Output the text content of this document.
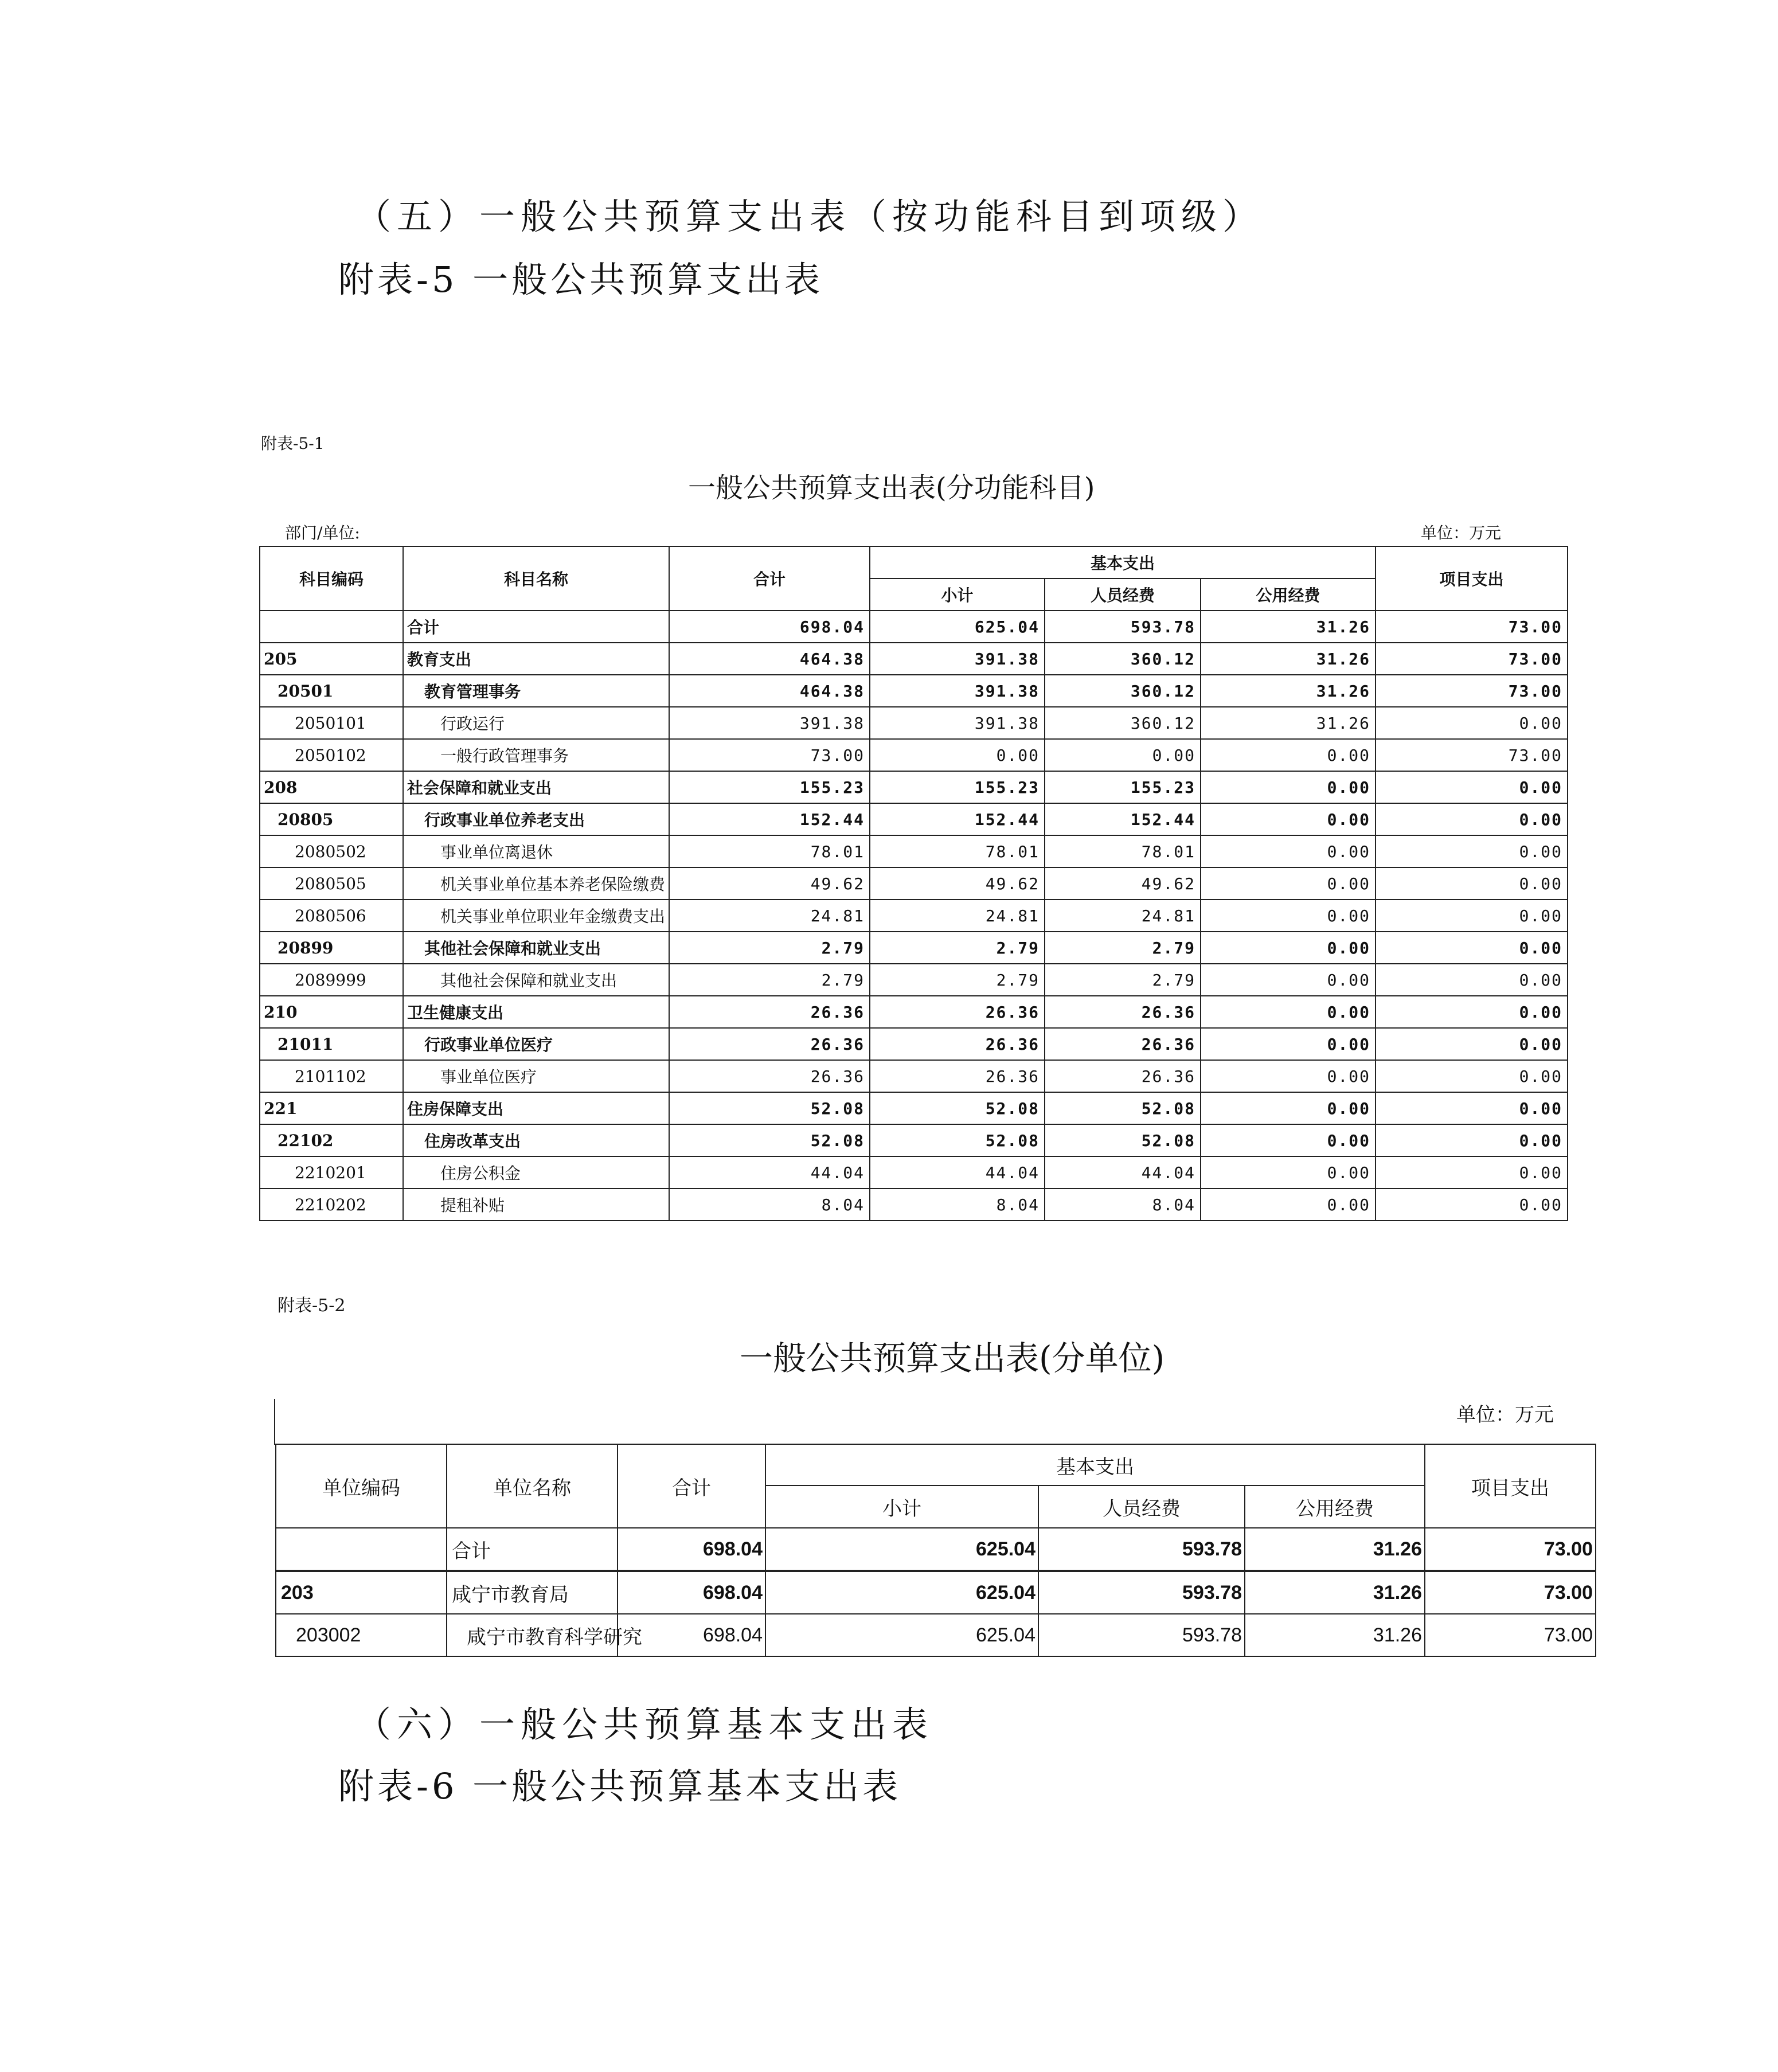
（五）一般公共预算支出表（按功能科目到项级）
附表-5 一般公共预算支出表
附表-5-1
一般公共预算支出表(分功能科目)
部门/单位:	单位：万元
科目编码	科目名称	合计	基本支出			项目支出
			小计	人员经费	公用经费	
	合计	698.04	625.04	593.78	31.26	73.00
205	教育支出	464.38	391.38	360.12	31.26	73.00
20501	教育管理事务	464.38	391.38	360.12	31.26	73.00
2050101	行政运行	391.38	391.38	360.12	31.26	0.00
2050102	一般行政管理事务	73.00	0.00	0.00	0.00	73.00
208	社会保障和就业支出	155.23	155.23	155.23	0.00	0.00
20805	行政事业单位养老支出	152.44	152.44	152.44	0.00	0.00
2080502	事业单位离退休	78.01	78.01	78.01	0.00	0.00
2080505	机关事业单位基本养老保险缴费	49.62	49.62	49.62	0.00	0.00
2080506	机关事业单位职业年金缴费支出	24.81	24.81	24.81	0.00	0.00
20899	其他社会保障和就业支出	2.79	2.79	2.79	0.00	0.00
2089999	其他社会保障和就业支出	2.79	2.79	2.79	0.00	0.00
210	卫生健康支出	26.36	26.36	26.36	0.00	0.00
21011	行政事业单位医疗	26.36	26.36	26.36	0.00	0.00
2101102	事业单位医疗	26.36	26.36	26.36	0.00	0.00
221	住房保障支出	52.08	52.08	52.08	0.00	0.00
22102	住房改革支出	52.08	52.08	52.08	0.00	0.00
2210201	住房公积金	44.04	44.04	44.04	0.00	0.00
2210202	提租补贴	8.04	8.04	8.04	0.00	0.00
附表-5-2
一般公共预算支出表(分单位)
单位：万元
单位编码	单位名称	合计	基本支出			项目支出
			小计	人员经费	公用经费	
	合计	698.04	625.04	593.78	31.26	73.00
203	咸宁市教育局	698.04	625.04	593.78	31.26	73.00
203002	咸宁市教育科学研究	698.04	625.04	593.78	31.26	73.00
（六）一般公共预算基本支出表
附表-6 一般公共预算基本支出表
